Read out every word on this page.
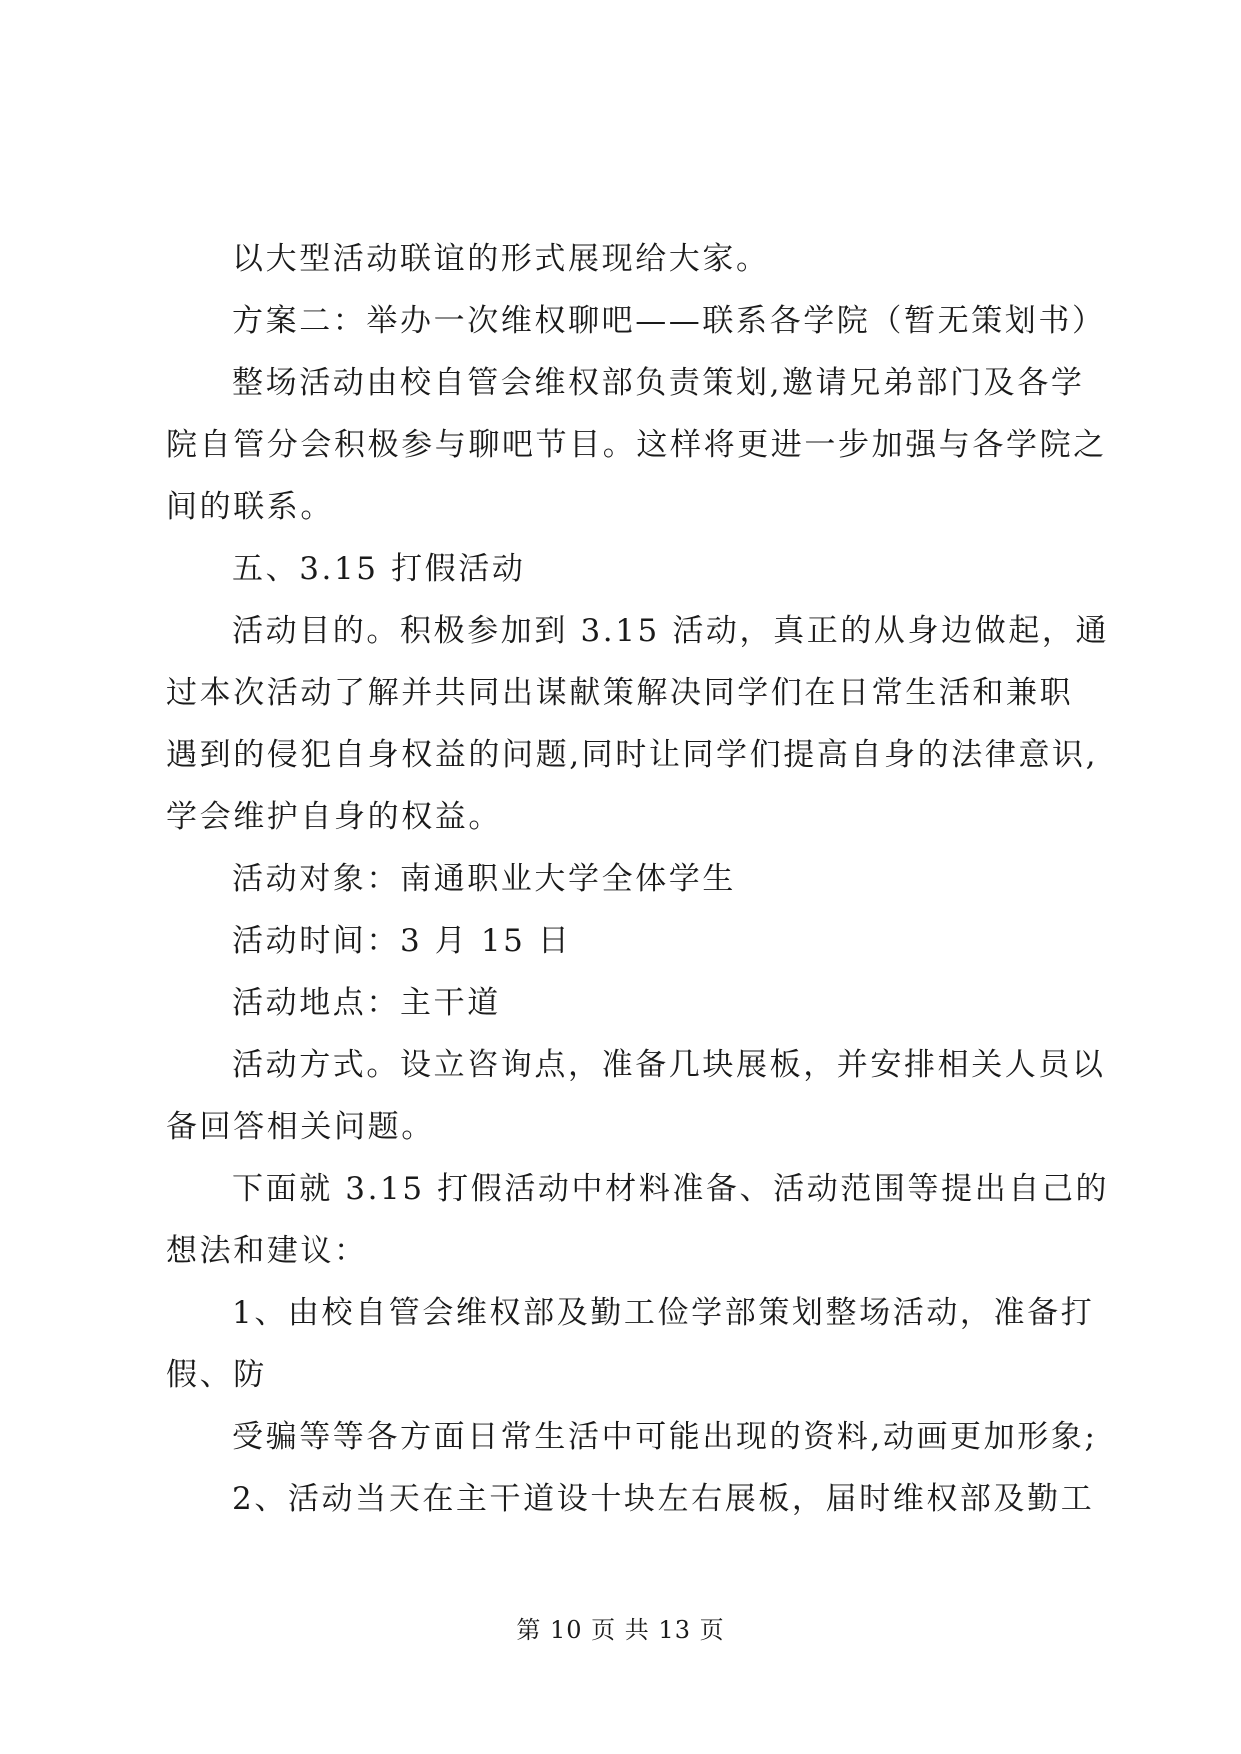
以大型活动联谊的形式展现给大家。

方案二：举办一次维权聊吧——联系各学院（暂无策划书）

整场活动由校自管会维权部负责策划,邀请兄弟部门及各学

院自管分会积极参与聊吧节目。这样将更进一步加强与各学院之

间的联系。

五、3.15 打假活动

活动目的。积极参加到 3.15 活动，真正的从身边做起，通

过本次活动了解并共同出谋献策解决同学们在日常生活和兼职

遇到的侵犯自身权益的问题,同时让同学们提高自身的法律意识,

学会维护自身的权益。

活动对象：南通职业大学全体学生

活动时间：3 月 15 日

活动地点：主干道

活动方式。设立咨询点，准备几块展板，并安排相关人员以

备回答相关问题。

下面就 3.15 打假活动中材料准备、活动范围等提出自己的

想法和建议：

1、由校自管会维权部及勤工俭学部策划整场活动，准备打

假、防

受骗等等各方面日常生活中可能出现的资料,动画更加形象;

2、活动当天在主干道设十块左右展板，届时维权部及勤工

第 10 页 共 13 页
